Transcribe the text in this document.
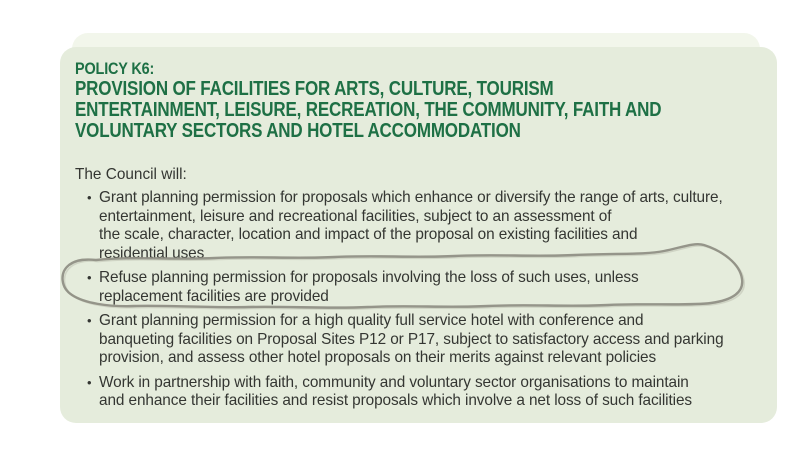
POLICY K6:
PROVISION OF FACILITIES FOR ARTS, CULTURE, TOURISM
ENTERTAINMENT, LEISURE, RECREATION, THE COMMUNITY, FAITH AND
VOLUNTARY SECTORS AND HOTEL ACCOMMODATION
The Council will:
• Grant planning permission for proposals which enhance or diversify the range of arts, culture,
entertainment, leisure and recreational facilities, subject to an assessment of
the scale, character, location and impact of the proposal on existing facilities and
residential uses
• Refuse planning permission for proposals involving the loss of such uses, unless
replacement facilities are provided
• Grant planning permission for a high quality full service hotel with conference and
banqueting facilities on Proposal Sites P12 or P17, subject to satisfactory access and parking
provision, and assess other hotel proposals on their merits against relevant policies
• Work in partnership with faith, community and voluntary sector organisations to maintain
and enhance their facilities and resist proposals which involve a net loss of such facilities
